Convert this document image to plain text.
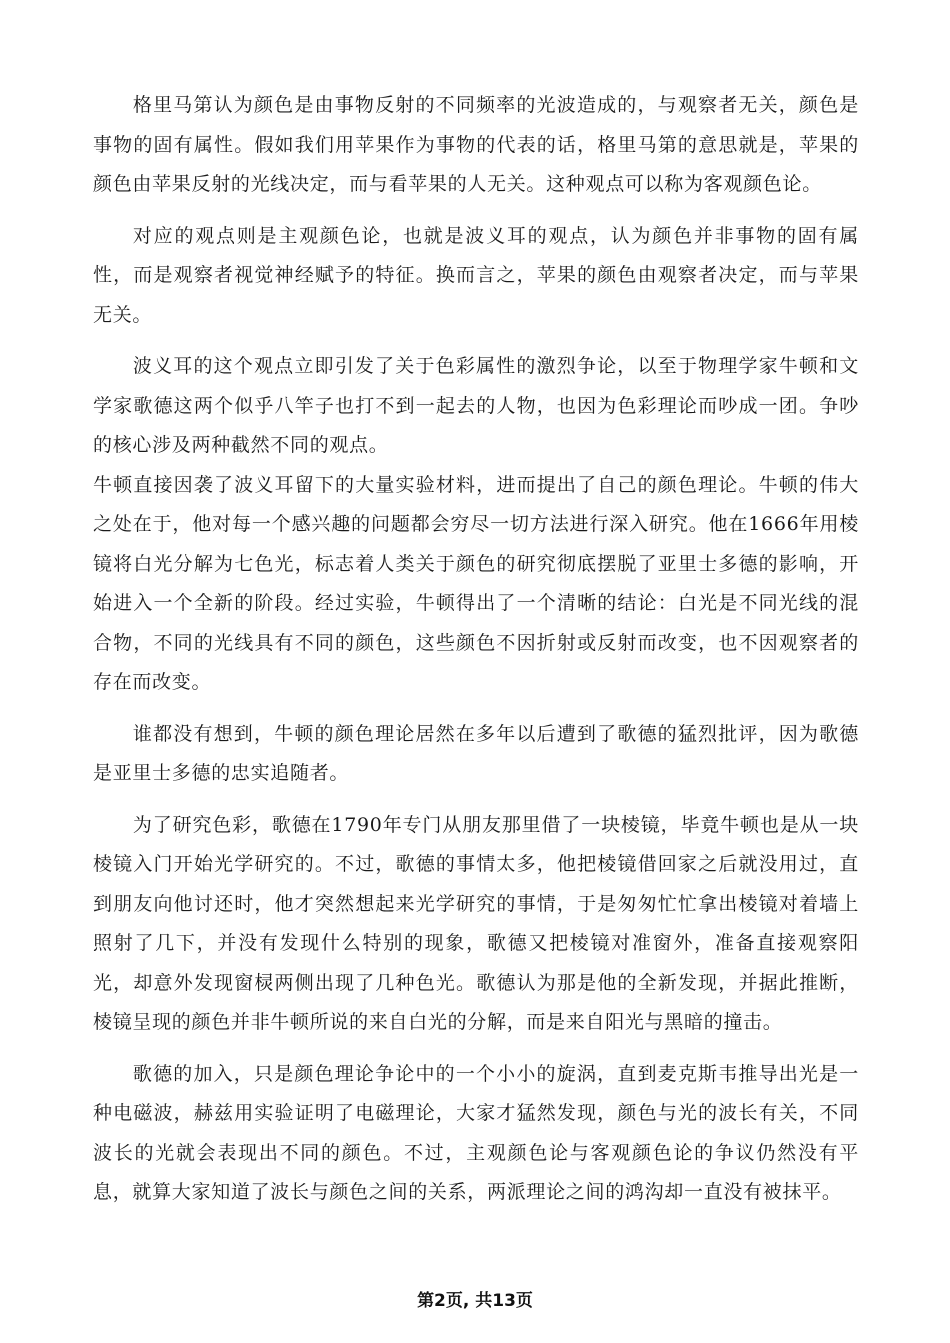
格里马第认为颜色是由事物反射的不同频率的光波造成的，与观察者无关，颜色是事物的固有属性。假如我们用苹果作为事物的代表的话，格里马第的意思就是，苹果的颜色由苹果反射的光线决定，而与看苹果的人无关。这种观点可以称为客观颜色论。

对应的观点则是主观颜色论，也就是波义耳的观点，认为颜色并非事物的固有属性，而是观察者视觉神经赋予的特征。换而言之，苹果的颜色由观察者决定，而与苹果无关。

波义耳的这个观点立即引发了关于色彩属性的激烈争论，以至于物理学家牛顿和文学家歌德这两个似乎八竿子也打不到一起去的人物，也因为色彩理论而吵成一团。争吵的核心涉及两种截然不同的观点。

牛顿直接因袭了波义耳留下的大量实验材料，进而提出了自己的颜色理论。牛顿的伟大之处在于，他对每一个感兴趣的问题都会穷尽一切方法进行深入研究。他在1666年用棱镜将白光分解为七色光，标志着人类关于颜色的研究彻底摆脱了亚里士多德的影响，开始进入一个全新的阶段。经过实验，牛顿得出了一个清晰的结论：白光是不同光线的混合物，不同的光线具有不同的颜色，这些颜色不因折射或反射而改变，也不因观察者的存在而改变。

谁都没有想到，牛顿的颜色理论居然在多年以后遭到了歌德的猛烈批评，因为歌德 是亚里士多德的忠实追随者。

为了研究色彩，歌德在1790年专门从朋友那里借了一块棱镜，毕竟牛顿也是从一块棱镜入门开始光学研究的。不过，歌德的事情太多，他把棱镜借回家之后就没用过，直到朋友向他讨还时，他才突然想起来光学研究的事情，于是匆匆忙忙拿出棱镜对着墙上照射了几下，并没有发现什么特别的现象，歌德又把棱镜对准窗外，准备直接观察阳光，却意外发现窗棂两侧出现了几种色光。歌德认为那是他的全新发现，并据此推断，棱镜呈现的颜色并非牛顿所说的来自白光的分解，而是来自阳光与黑暗的撞击。

歌德的加入，只是颜色理论争论中的一个小小的旋涡，直到麦克斯韦推导出光是一种电磁波，赫兹用实验证明了电磁理论，大家才猛然发现，颜色与光的波长有关，不同波长的光就会表现出不同的颜色。不过，主观颜色论与客观颜色论的争议仍然没有平息，就算大家知道了波长与颜色之间的关系，两派理论之间的鸿沟却一直没有被抹平。

第2页, 共13页
